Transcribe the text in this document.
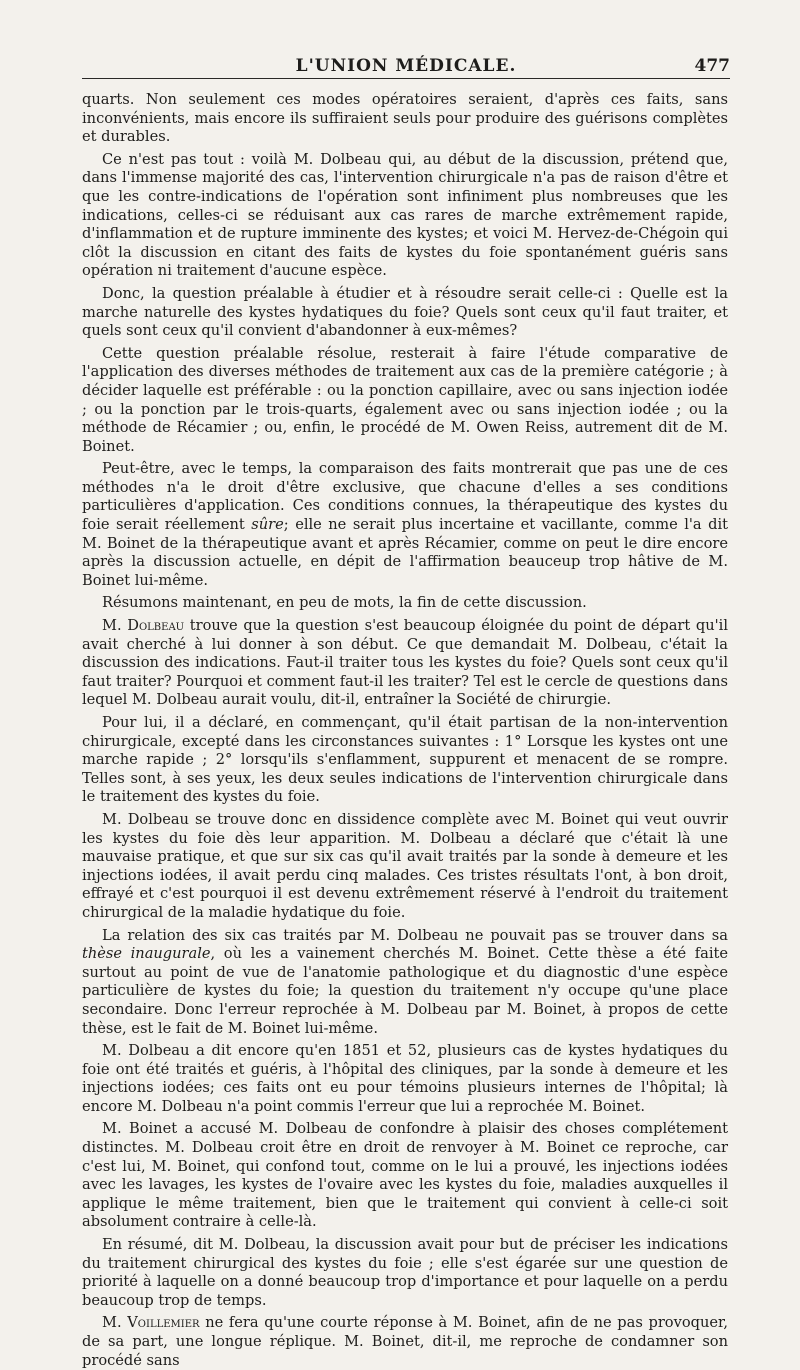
L'UNION MÉDICALE.	477

quarts. Non seulement ces modes opératoires seraient, d'après ces faits, sans inconvénients, mais encore ils suffiraient seuls pour produire des guérisons complètes et durables.

Ce n'est pas tout : voilà M. Dolbeau qui, au début de la discussion, prétend que, dans l'immense majorité des cas, l'intervention chirurgicale n'a pas de raison d'être et que les contre-indications de l'opération sont infiniment plus nombreuses que les indications, celles-ci se réduisant aux cas rares de marche extrêmement rapide, d'inflammation et de rupture imminente des kystes; et voici M. Hervez-de-Chégoin qui clôt la discussion en citant des faits de kystes du foie spontanément guéris sans opération ni traitement d'aucune espèce.

Donc, la question préalable à étudier et à résoudre serait celle-ci : Quelle est la marche naturelle des kystes hydatiques du foie? Quels sont ceux qu'il faut traiter, et quels sont ceux qu'il convient d'abandonner à eux-mêmes?

Cette question préalable résolue, resterait à faire l'étude comparative de l'application des diverses méthodes de traitement aux cas de la première catégorie ; à décider laquelle est préférable : ou la ponction capillaire, avec ou sans injection iodée ; ou la ponction par le trois-quarts, également avec ou sans injection iodée ; ou la méthode de Récamier ; ou, enfin, le procédé de M. Owen Reiss, autrement dit de M. Boinet.

Peut-être, avec le temps, la comparaison des faits montrerait que pas une de ces méthodes n'a le droit d'être exclusive, que chacune d'elles a ses conditions particulières d'application. Ces conditions connues, la thérapeutique des kystes du foie serait réellement sûre; elle ne serait plus incertaine et vacillante, comme l'a dit M. Boinet de la thérapeutique avant et après Récamier, comme on peut le dire encore après la discussion actuelle, en dépit de l'affirmation beauceup trop hâtive de M. Boinet lui-même.

Résumons maintenant, en peu de mots, la fin de cette discussion.

M. Dolbeau trouve que la question s'est beaucoup éloignée du point de départ qu'il avait cherché à lui donner à son début. Ce que demandait M. Dolbeau, c'était la discussion des indications. Faut-il traiter tous les kystes du foie? Quels sont ceux qu'il faut traiter? Pourquoi et comment faut-il les traiter? Tel est le cercle de questions dans lequel M. Dolbeau aurait voulu, dit-il, entraîner la Société de chirurgie.

Pour lui, il a déclaré, en commençant, qu'il était partisan de la non-intervention chirurgicale, excepté dans les circonstances suivantes : 1° Lorsque les kystes ont une marche rapide ; 2° lorsqu'ils s'enflamment, suppurent et menacent de se rompre. Telles sont, à ses yeux, les deux seules indications de l'intervention chirurgicale dans le traitement des kystes du foie.

M. Dolbeau se trouve donc en dissidence complète avec M. Boinet qui veut ouvrir les kystes du foie dès leur apparition. M. Dolbeau a déclaré que c'était là une mauvaise pratique, et que sur six cas qu'il avait traités par la sonde à demeure et les injections iodées, il avait perdu cinq malades. Ces tristes résultats l'ont, à bon droit, effrayé et c'est pourquoi il est devenu extrêmement réservé à l'endroit du traitement chirurgical de la maladie hydatique du foie.

La relation des six cas traités par M. Dolbeau ne pouvait pas se trouver dans sa thèse inaugurale, où les a vainement cherchés M. Boinet. Cette thèse a été faite surtout au point de vue de l'anatomie pathologique et du diagnostic d'une espèce particulière de kystes du foie; la question du traitement n'y occupe qu'une place secondaire. Donc l'erreur reprochée à M. Dolbeau par M. Boinet, à propos de cette thèse, est le fait de M. Boinet lui-même.

M. Dolbeau a dit encore qu'en 1851 et 52, plusieurs cas de kystes hydatiques du foie ont été traités et guéris, à l'hôpital des cliniques, par la sonde à demeure et les injections iodées; ces faits ont eu pour témoins plusieurs internes de l'hôpital; là encore M. Dolbeau n'a point commis l'erreur que lui a reprochée M. Boinet.

M. Boinet a accusé M. Dolbeau de confondre à plaisir des choses complétement distinctes. M. Dolbeau croit être en droit de renvoyer à M. Boinet ce reproche, car c'est lui, M. Boinet, qui confond tout, comme on le lui a prouvé, les injections iodées avec les lavages, les kystes de l'ovaire avec les kystes du foie, maladies auxquelles il applique le même traitement, bien que le traitement qui convient à celle-ci soit absolument contraire à celle-là.

En résumé, dit M. Dolbeau, la discussion avait pour but de préciser les indications du traitement chirurgical des kystes du foie ; elle s'est égarée sur une question de priorité à laquelle on a donné beaucoup trop d'importance et pour laquelle on a perdu beaucoup trop de temps.

M. Voillemier ne fera qu'une courte réponse à M. Boinet, afin de ne pas provoquer, de sa part, une longue réplique. M. Boinet, dit-il, me reproche de condamner son procédé sans
